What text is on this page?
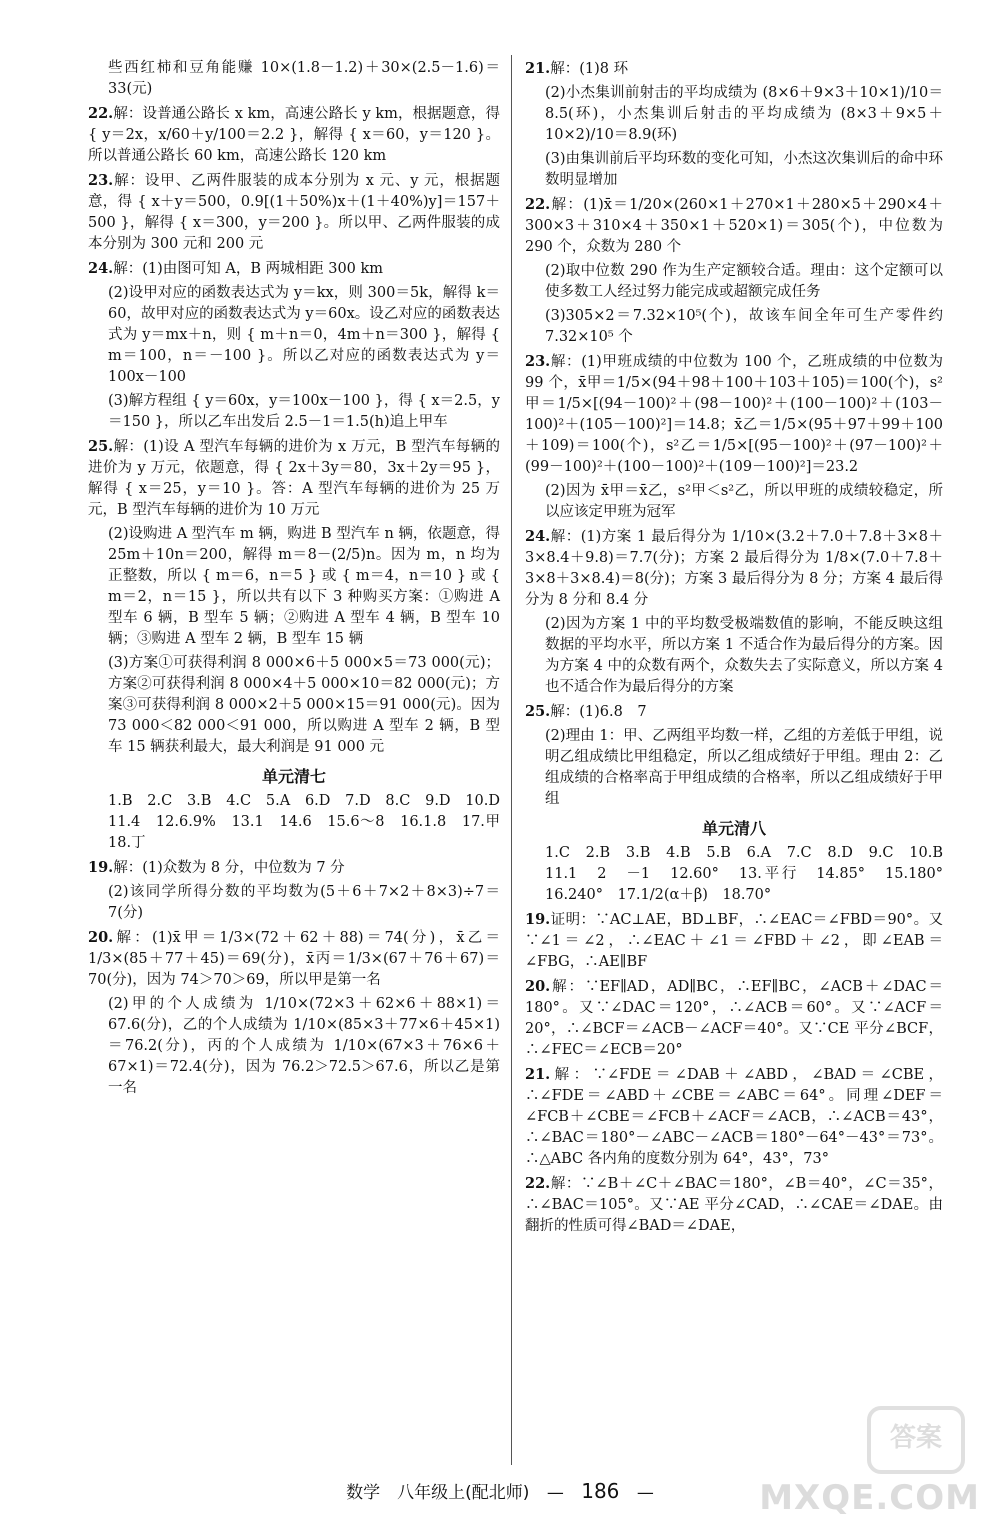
些西红柿和豆角能赚 10×(1.8－1.2)＋30×(2.5－1.6)＝33(元)
22.解：设普通公路长 x km，高速公路长 y km，根据题意，得 { y＝2x，x/60＋y/100＝2.2 }，解得 { x＝60，y＝120 }。所以普通公路长 60 km，高速公路长 120 km
23.解：设甲、乙两件服装的成本分别为 x 元、y 元，根据题意，得 { x＋y＝500，0.9[(1＋50%)x＋(1＋40%)y]＝157＋500 }，解得 { x＝300，y＝200 }。所以甲、乙两件服装的成本分别为 300 元和 200 元
24.解：(1)由图可知 A，B 两城相距 300 km
(2)设甲对应的函数表达式为 y＝kx，则 300＝5k，解得 k＝60，故甲对应的函数表达式为 y＝60x。设乙对应的函数表达式为 y＝mx＋n，则 { m＋n＝0，4m＋n＝300 }，解得 { m＝100，n＝－100 }。所以乙对应的函数表达式为 y＝100x－100
(3)解方程组 { y＝60x，y＝100x－100 }，得 { x＝2.5，y＝150 }，所以乙车出发后 2.5－1＝1.5(h)追上甲车
25.解：(1)设 A 型汽车每辆的进价为 x 万元，B 型汽车每辆的进价为 y 万元，依题意，得 { 2x＋3y＝80，3x＋2y＝95 }，解得 { x＝25，y＝10 }。答：A 型汽车每辆的进价为 25 万元，B 型汽车每辆的进价为 10 万元
(2)设购进 A 型汽车 m 辆，购进 B 型汽车 n 辆，依题意，得 25m＋10n＝200，解得 m＝8－(2/5)n。因为 m，n 均为正整数，所以 { m＝6，n＝5 } 或 { m＝4，n＝10 } 或 { m＝2，n＝15 }，所以共有以下 3 种购买方案：①购进 A 型车 6 辆，B 型车 5 辆；②购进 A 型车 4 辆，B 型车 10 辆；③购进 A 型车 2 辆，B 型车 15 辆
(3)方案①可获得利润 8 000×6＋5 000×5＝73 000(元)；方案②可获得利润 8 000×4＋5 000×10＝82 000(元)；方案③可获得利润 8 000×2＋5 000×15＝91 000(元)。因为 73 000＜82 000＜91 000，所以购进 A 型车 2 辆，B 型车 15 辆获利最大，最大利润是 91 000 元
单元清七
1.B　2.C　3.B　4.C　5.A　6.D　7.D　8.C　9.D　10.D　11.4　12.6.9%　13.1　14.6　15.6～8　16.1.8　17.甲　18.丁
19.解：(1)众数为 8 分，中位数为 7 分
(2)该同学所得分数的平均数为(5＋6＋7×2＋8×3)÷7＝7(分)
20.解：(1)x̄甲＝1/3×(72＋62＋88)＝74(分)，x̄乙＝1/3×(85＋77＋45)＝69(分)，x̄丙＝1/3×(67＋76＋67)＝70(分)，因为 74＞70＞69，所以甲是第一名
(2)甲的个人成绩为 1/10×(72×3＋62×6＋88×1)＝67.6(分)，乙的个人成绩为 1/10×(85×3＋77×6＋45×1)＝76.2(分)，丙的个人成绩为 1/10×(67×3＋76×6＋67×1)＝72.4(分)，因为 76.2＞72.5＞67.6，所以乙是第一名
21.解：(1)8 环
(2)小杰集训前射击的平均成绩为 (8×6＋9×3＋10×1)/10＝8.5(环)，小杰集训后射击的平均成绩为 (8×3＋9×5＋10×2)/10＝8.9(环)
(3)由集训前后平均环数的变化可知，小杰这次集训后的命中环数明显增加
22.解：(1)x̄＝1/20×(260×1＋270×1＋280×5＋290×4＋300×3＋310×4＋350×1＋520×1)＝305(个)，中位数为 290 个，众数为 280 个
(2)取中位数 290 作为生产定额较合适。理由：这个定额可以使多数工人经过努力能完成或超额完成任务
(3)305×2＝7.32×10⁵(个)，故该车间全年可生产零件约 7.32×10⁵ 个
23.解：(1)甲班成绩的中位数为 100 个，乙班成绩的中位数为 99 个，x̄甲＝1/5×(94＋98＋100＋103＋105)＝100(个)，s²甲＝1/5×[(94－100)²＋(98－100)²＋(100－100)²＋(103－100)²＋(105－100)²]＝14.8；x̄乙＝1/5×(95＋97＋99＋100＋109)＝100(个)，s²乙＝1/5×[(95－100)²＋(97－100)²＋(99－100)²＋(100－100)²＋(109－100)²]＝23.2
(2)因为 x̄甲＝x̄乙，s²甲＜s²乙，所以甲班的成绩较稳定，所以应该定甲班为冠军
24.解：(1)方案 1 最后得分为 1/10×(3.2＋7.0＋7.8＋3×8＋3×8.4＋9.8)＝7.7(分)；方案 2 最后得分为 1/8×(7.0＋7.8＋3×8＋3×8.4)＝8(分)；方案 3 最后得分为 8 分；方案 4 最后得分为 8 分和 8.4 分
(2)因为方案 1 中的平均数受极端数值的影响，不能反映这组数据的平均水平，所以方案 1 不适合作为最后得分的方案。因为方案 4 中的众数有两个，众数失去了实际意义，所以方案 4 也不适合作为最后得分的方案
25.解：(1)6.8　7
(2)理由 1：甲、乙两组平均数一样，乙组的方差低于甲组，说明乙组成绩比甲组稳定，所以乙组成绩好于甲组。理由 2：乙组成绩的合格率高于甲组成绩的合格率，所以乙组成绩好于甲组
单元清八
1.C　2.B　3.B　4.B　5.B　6.A　7.C　8.D　9.C　10.B　11.1　2　－1　12.60°　13.平行　14.85°　15.180°　16.240°　17.1/2(α＋β)　18.70°
19.证明：∵AC⊥AE，BD⊥BF，∴∠EAC＝∠FBD＝90°。又∵∠1＝∠2，∴∠EAC＋∠1＝∠FBD＋∠2，即∠EAB＝∠FBG，∴AE∥BF
20.解：∵EF∥AD，AD∥BC，∴EF∥BC，∠ACB＋∠DAC＝180°。又∵∠DAC＝120°，∴∠ACB＝60°。又∵∠ACF＝20°，∴∠BCF＝∠ACB－∠ACF＝40°。又∵CE 平分∠BCF，∴∠FEC＝∠ECB＝20°
21.解：∵∠FDE＝∠DAB＋∠ABD，∠BAD＝∠CBE，∴∠FDE＝∠ABD＋∠CBE＝∠ABC＝64°。同理∠DEF＝∠FCB＋∠CBE＝∠FCB＋∠ACF＝∠ACB，∴∠ACB＝43°，∴∠BAC＝180°－∠ABC－∠ACB＝180°－64°－43°＝73°。∴△ABC 各内角的度数分别为 64°，43°，73°
22.解：∵∠B＋∠C＋∠BAC＝180°，∠B＝40°，∠C＝35°，∴∠BAC＝105°。又∵AE 平分∠CAD，∴∠CAE＝∠DAE。由翻折的性质可得∠BAD＝∠DAE，
数学　八年级上(配北师) — 186 —
答案
MXQE.COM
